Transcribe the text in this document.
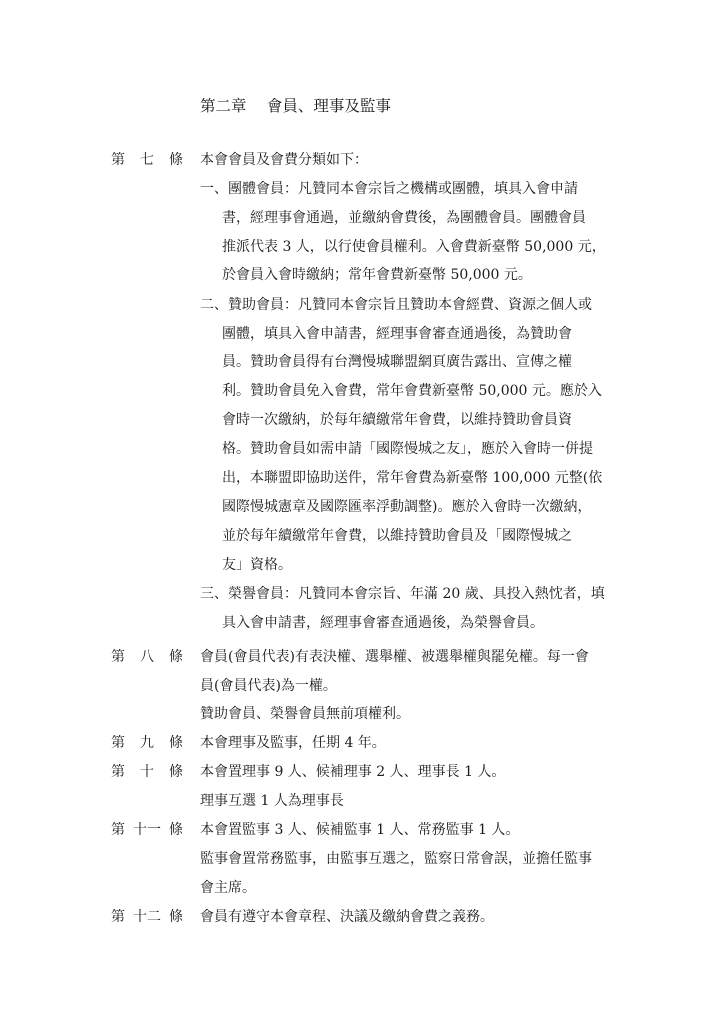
第二章　 會員、理事及監事
第 七 條 本會會員及會費分類如下：
一、團體會員：凡贊同本會宗旨之機構或團體，填具入會申請
書，經理事會通過，並繳納會費後，為團體會員。團體會員
推派代表 3 人，以行使會員權利。入會費新臺幣 50,000 元，
於會員入會時繳納；常年會費新臺幣 50,000 元。
二、贊助會員：凡贊同本會宗旨且贊助本會經費、資源之個人或
團體，填具入會申請書，經理事會審查通過後，為贊助會
員。贊助會員得有台灣慢城聯盟網頁廣告露出、宣傳之權
利。贊助會員免入會費，常年會費新臺幣 50,000 元。應於入
會時一次繳納，於每年續繳常年會費，以維持贊助會員資
格。贊助會員如需申請「國際慢城之友」，應於入會時一併提
出，本聯盟即協助送件，常年會費為新臺幣 100,000 元整(依
國際慢城憲章及國際匯率浮動調整)。應於入會時一次繳納，
並於每年續繳常年會費，以維持贊助會員及「國際慢城之
友」資格。
三、榮譽會員：凡贊同本會宗旨、年滿 20 歲、具投入熱忱者，填
具入會申請書，經理事會審查通過後，為榮譽會員。
第 八 條 會員(會員代表)有表決權、選舉權、被選舉權與罷免權。每一會
員(會員代表)為一權。
贊助會員、榮譽會員無前項權利。
第 九 條 本會理事及監事，任期 4 年。
第 十 條 本會置理事 9 人、候補理事 2 人、理事長 1 人。
理事互選 1 人為理事長
第 十一 條 本會置監事 3 人、候補監事 1 人、常務監事 1 人。
監事會置常務監事，由監事互選之，監察日常會誤，並擔任監事
會主席。
第 十二 條 會員有遵守本會章程、決議及繳納會費之義務。
